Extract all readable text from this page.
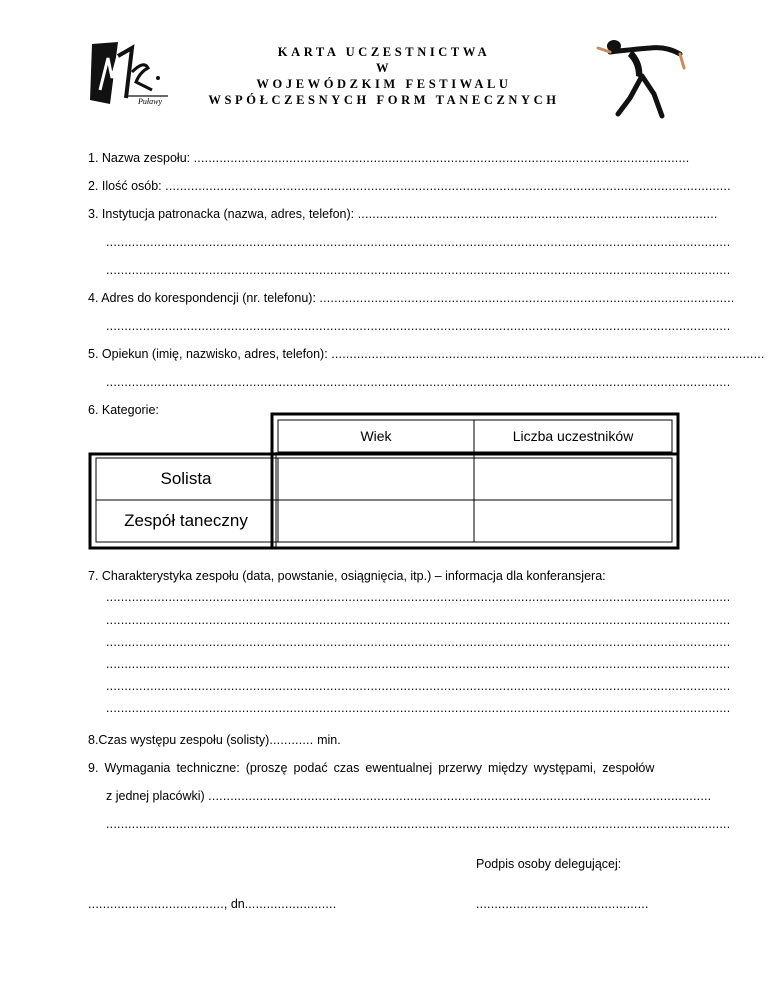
Puławy
KARTA UCZESTNICTWA
W
WOJEWÓDZKIM FESTIWALU
WSPÓŁCZESNYCH FORM TANECZNYCH
1. Nazwa zespołu: .......................................................................................................................................
2. Ilość osób: ..........................................................................................................................................................
3. Instytucja patronacka (nazwa, adres, telefon): ..................................................................................................
..........................................................................................................................................................................
..........................................................................................................................................................................
4. Adres do korespondencji (nr. telefonu): .................................................................................................................
..........................................................................................................................................................................
5. Opiekun (imię, nazwisko, adres, telefon): ......................................................................................................................
..........................................................................................................................................................................
6. Kategorie:
Wiek	Liczba uczestników
Solista
Zespół taneczny
7. Charakterystyka zespołu (data, powstanie, osiągnięcia, itp.) – informacja dla konferansjera:
..........................................................................................................................................................................
..........................................................................................................................................................................
..........................................................................................................................................................................
..........................................................................................................................................................................
..........................................................................................................................................................................
..........................................................................................................................................................................
8.Czas występu zespołu (solisty)............ min.
9. Wymagania techniczne: (proszę podać czas ewentualnej przerwy między występami, zespołów
z jednej placówki) .........................................................................................................................................
..........................................................................................................................................................................
Podpis osoby delegującej:
....................................., dn.........................	...............................................
